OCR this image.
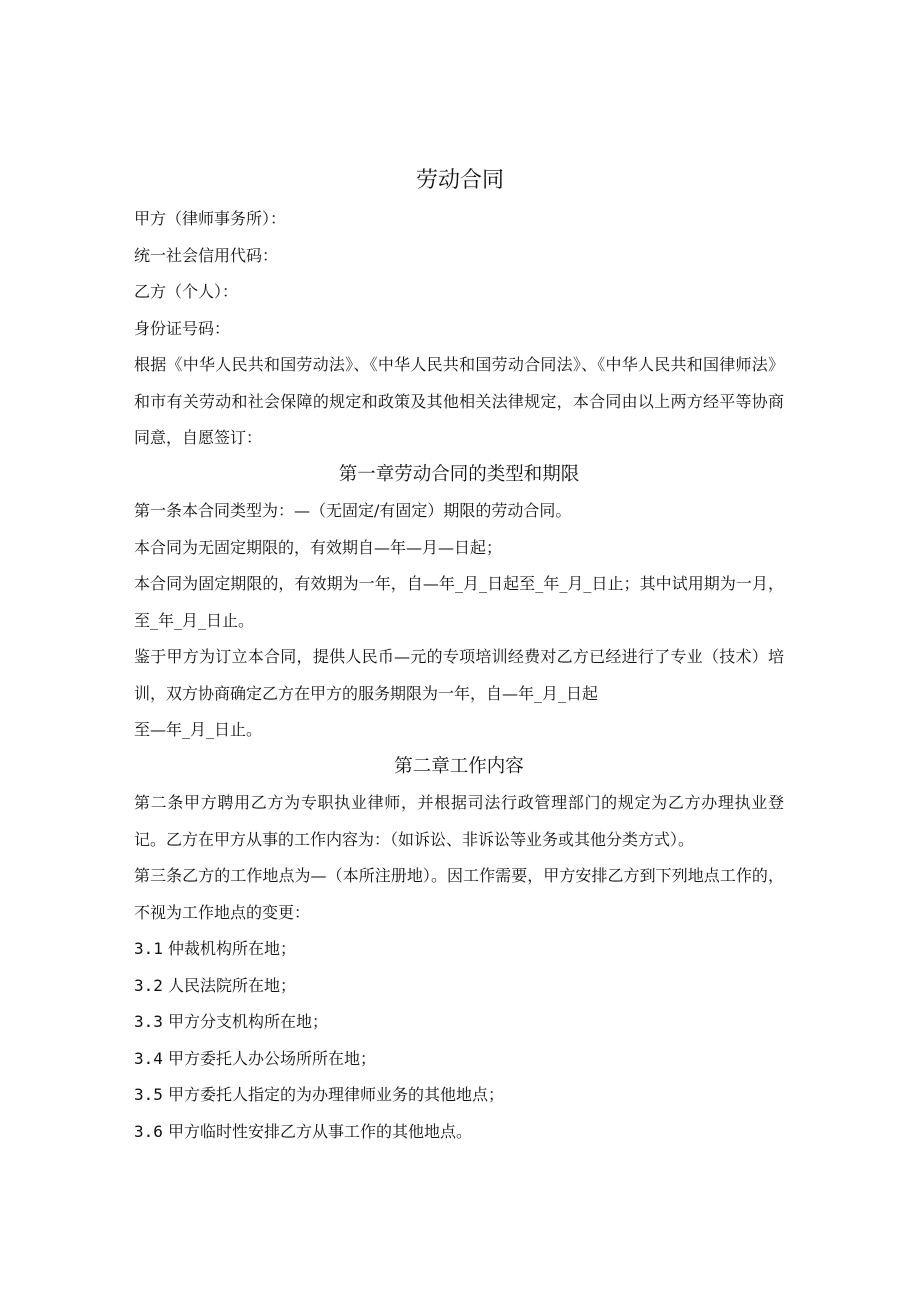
劳动合同

甲方（律师事务所）：

统一社会信用代码：

乙方（个人）：

身份证号码：

根据《中华人民共和国劳动法》、《中华人民共和国劳动合同法》、《中华人民共和国律师法》和市有关劳动和社会保障的规定和政策及其他相关法律规定，本合同由以上两方经平等协商同意，自愿签订：

第一章劳动合同的类型和期限

第一条本合同类型为：—（无固定/有固定）期限的劳动合同。

本合同为无固定期限的，有效期自—年—月—日起；

本合同为固定期限的，有效期为一年，自—年_月_日起至_年_月_日止；其中试用期为一月，至_年_月_日止。

鉴于甲方为订立本合同，提供人民币—元的专项培训经费对乙方已经进行了专业（技术）培训，双方协商确定乙方在甲方的服务期限为一年，自—年_月_日起

至—年_月_日止。

第二章工作内容

第二条甲方聘用乙方为专职执业律师，并根据司法行政管理部门的规定为乙方办理执业登记。乙方在甲方从事的工作内容为：（如诉讼、非诉讼等业务或其他分类方式）。

第三条乙方的工作地点为—（本所注册地）。因工作需要，甲方安排乙方到下列地点工作的，不视为工作地点的变更：

3.1 仲裁机构所在地；

3.2 人民法院所在地；

3.3 甲方分支机构所在地；

3.4 甲方委托人办公场所所在地；

3.5 甲方委托人指定的为办理律师业务的其他地点；

3.6 甲方临时性安排乙方从事工作的其他地点。
